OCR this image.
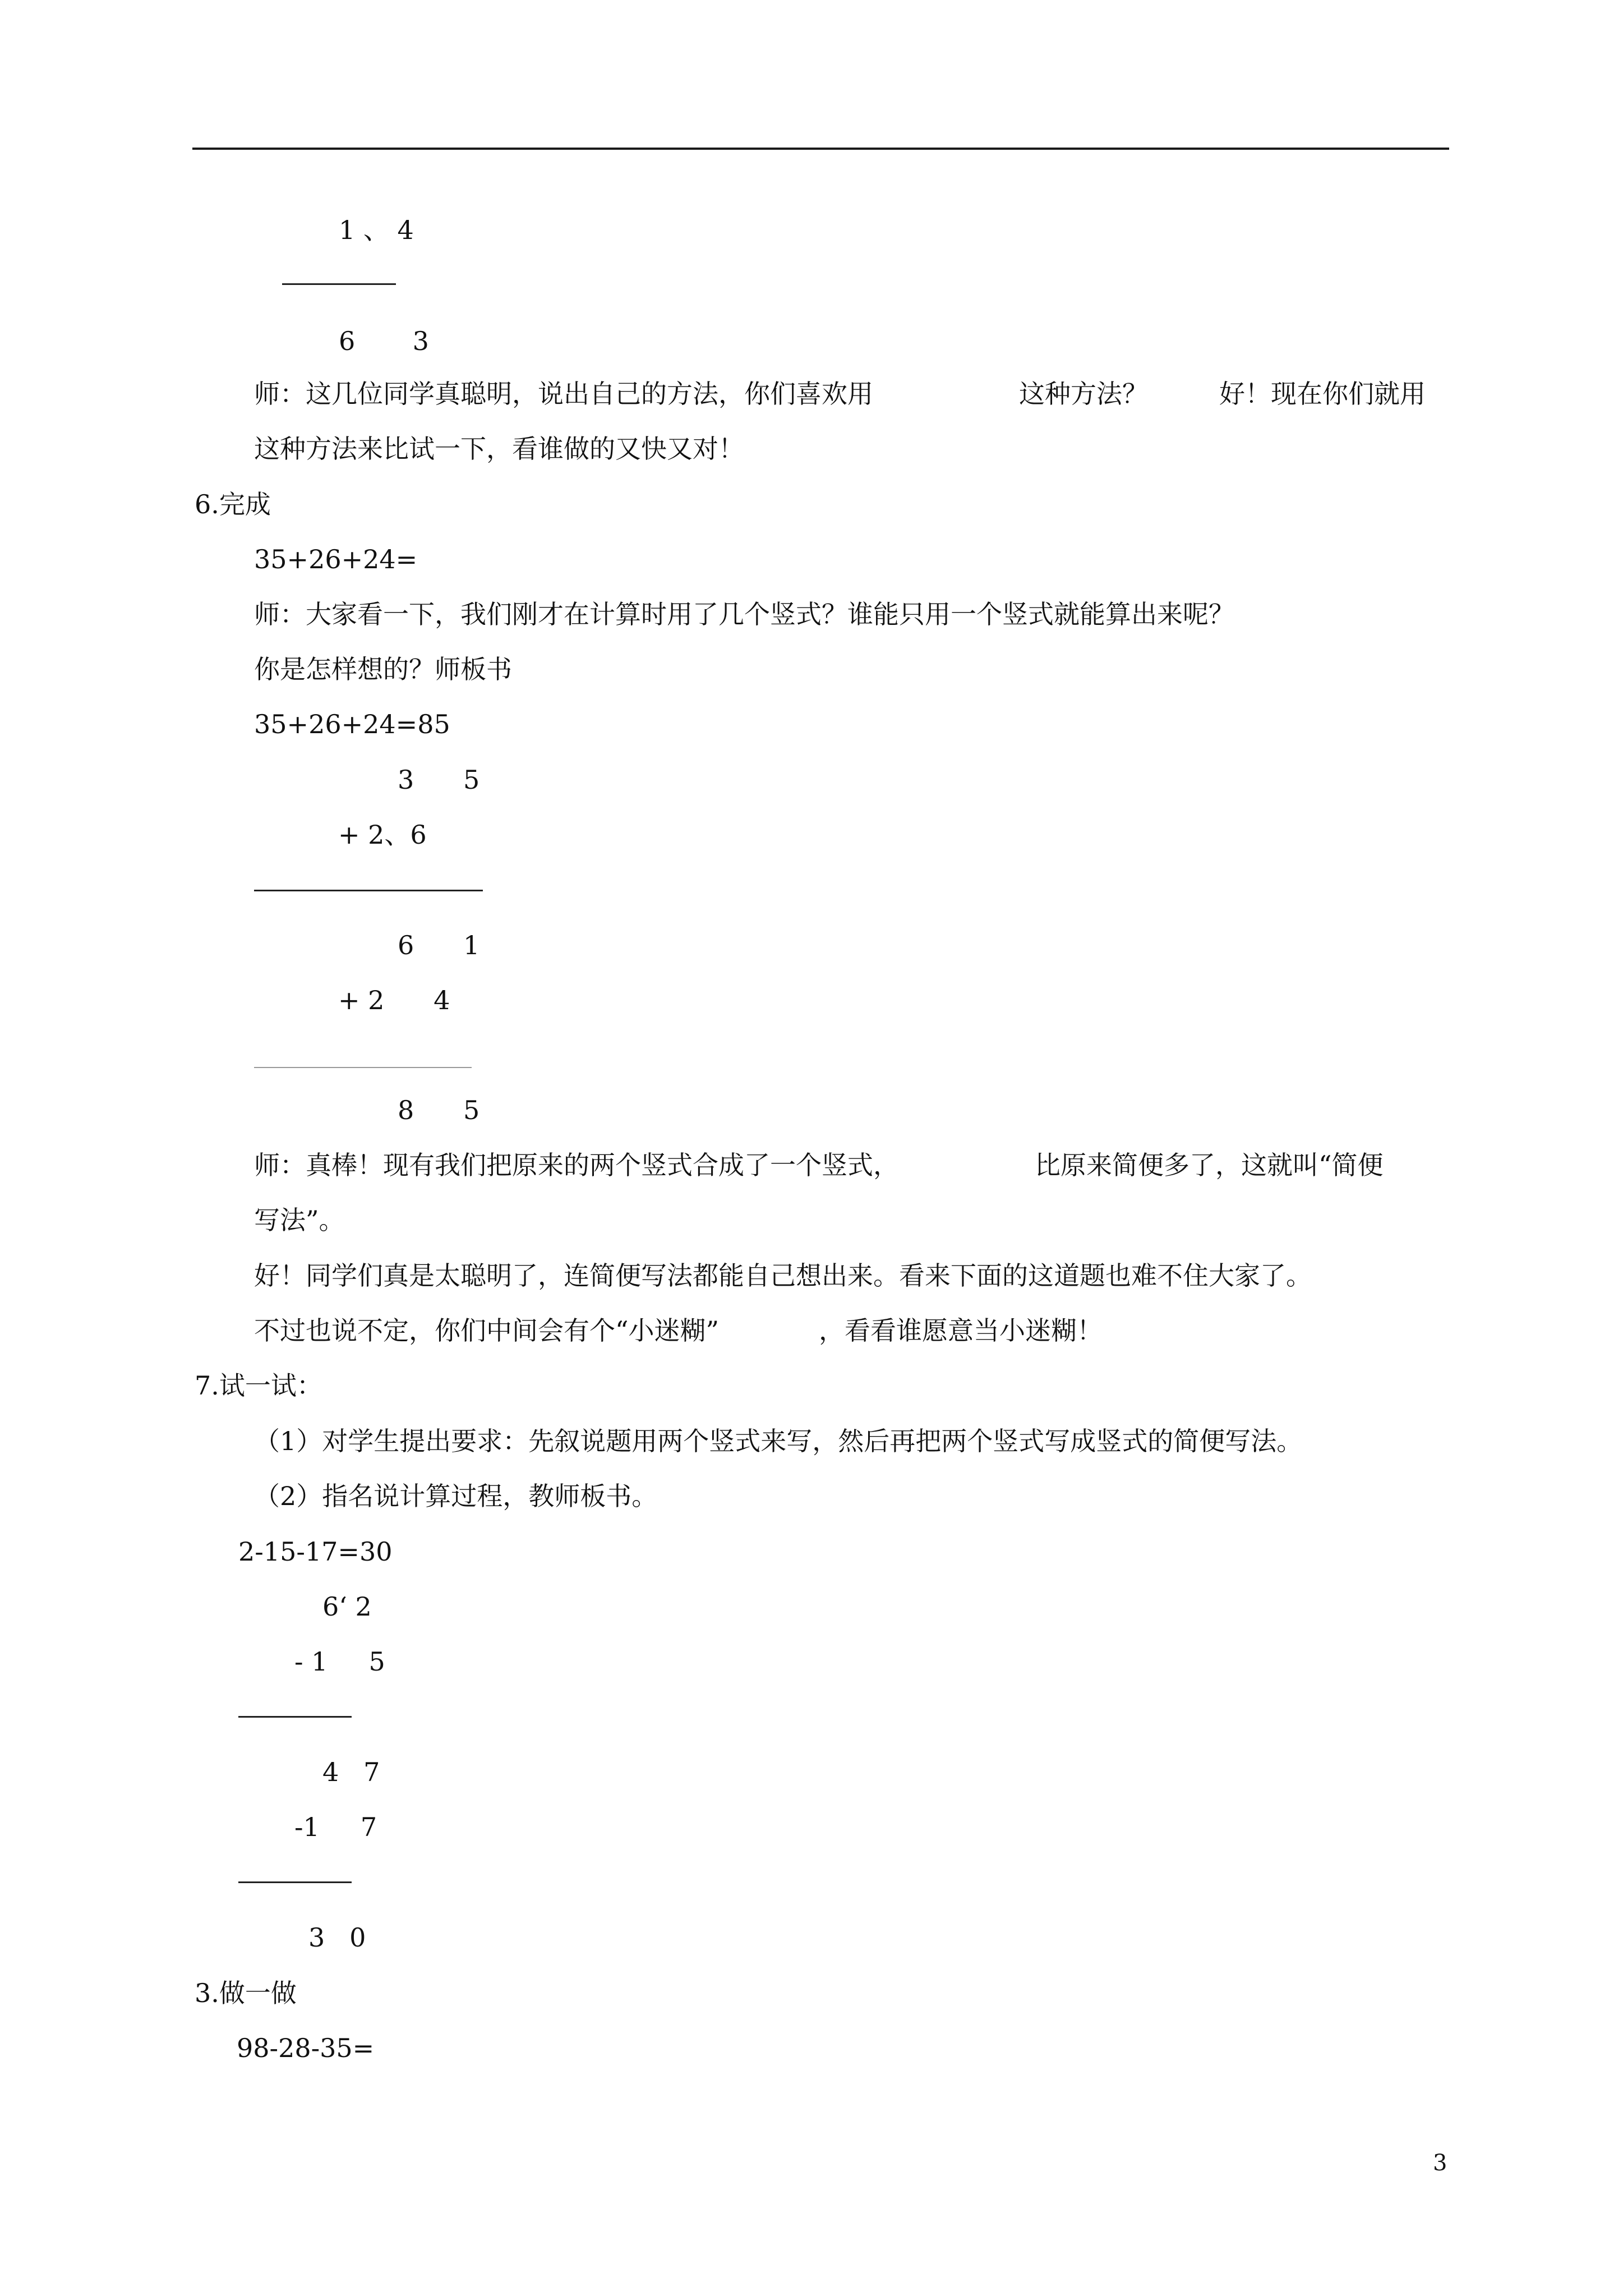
1 、 4
6       3
师：这几位同学真聪明，说出自己的方法，你们喜欢用	这种方法？	好！现在你们就用
这种方法来比试一下，看谁做的又快又对！
6.完成
35+26+24=
师：大家看一下，我们刚才在计算时用了几个竖式？谁能只用一个竖式就能算出来呢？
你是怎样想的？师板书
35+26+24=85
3      5
+ 2、6
6      1
+ 2      4
8      5
师：真棒！现有我们把原来的两个竖式合成了一个竖式，	比原来简便多了，这就叫“简便
写法”。
好！同学们真是太聪明了，连简便写法都能自己想出来。看来下面的这道题也难不住大家了。
不过也说不定，你们中间会有个“小迷糊”	，看看谁愿意当小迷糊！
7.试一试：
（1）对学生提出要求：先叙说题用两个竖式来写，然后再把两个竖式写成竖式的简便写法。
（2）指名说计算过程，教师板书。
2-15-17=30
6‘ 2
- 1     5
4   7
-1     7
3   0
3.做一做
98-28-35=
3
